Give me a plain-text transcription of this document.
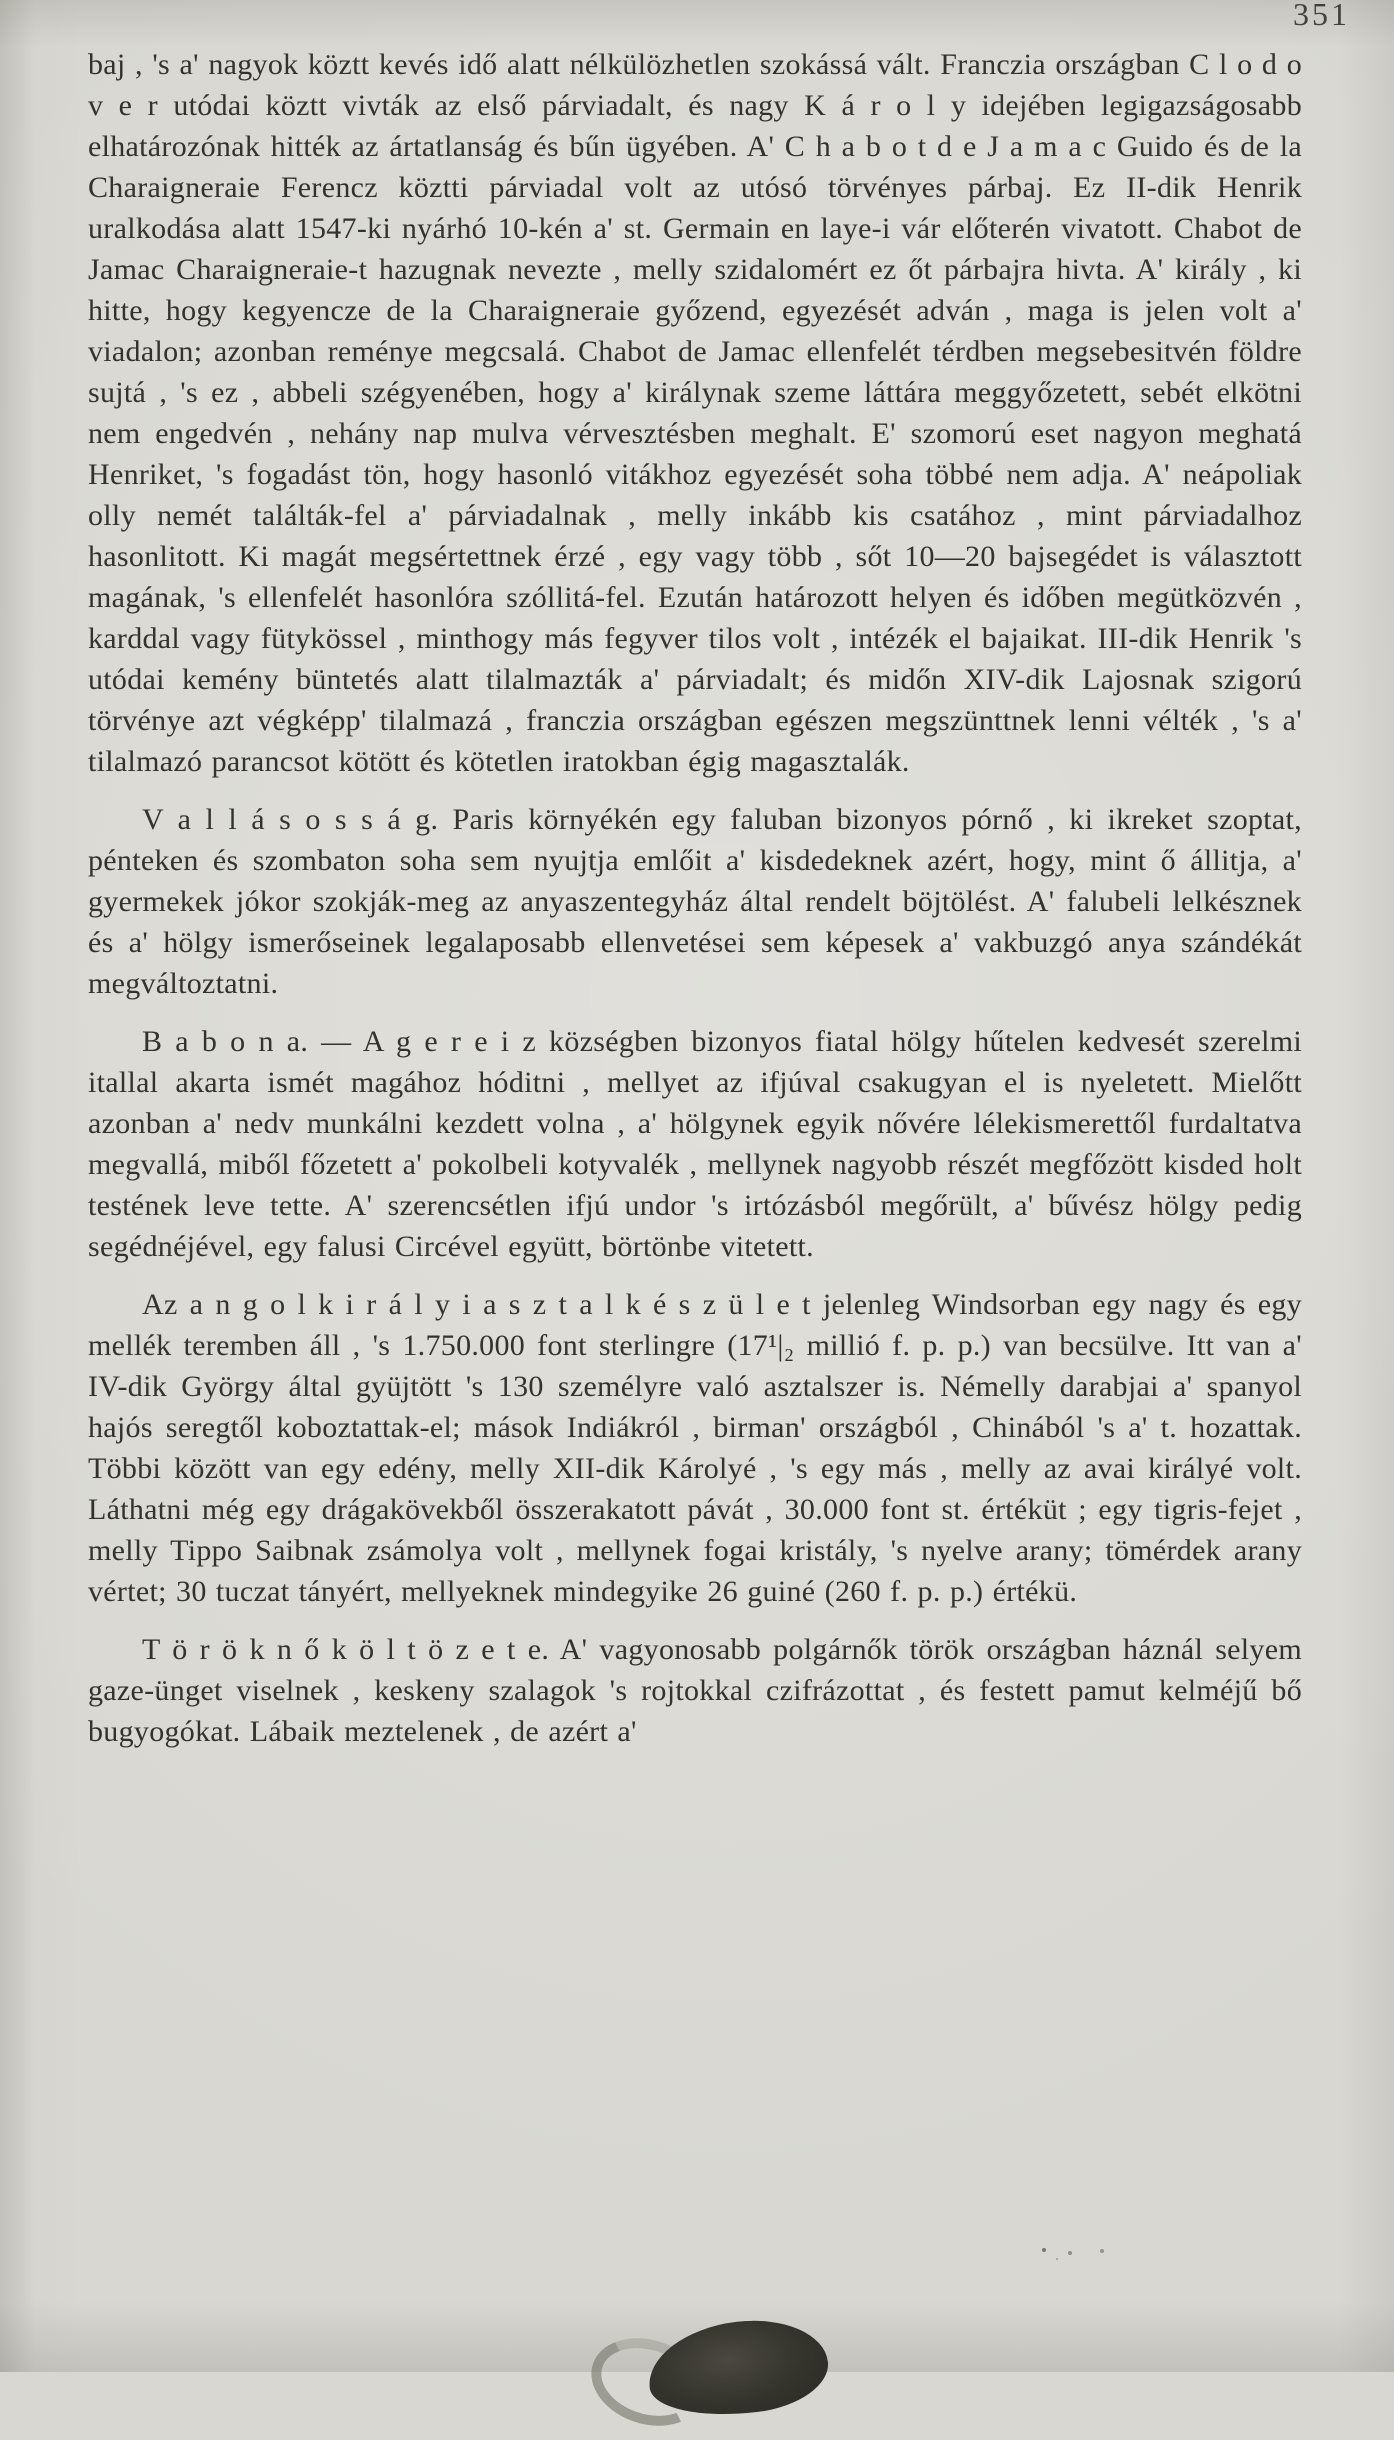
351

baj , 's a' nagyok köztt kevés idő alatt nélkülözhetlen szokássá vált. Franczia országban C l o d o v e r utódai köztt vivták az első párviadalt, és nagy K á r o l y idejében legigazságosabb elhatározónak hitték az ártatlanság és bűn ügyében. A' C h a b o t d e J a m a c Guido és de la Charaigneraie Ferencz köztti párviadal volt az utósó törvényes párbaj. Ez II-dik Henrik uralkodása alatt 1547-ki nyárhó 10-kén a' st. Germain en laye-i vár előterén vivatott. Chabot de Jamac Charaigneraie-t hazugnak nevezte , melly szidalomért ez őt párbajra hivta. A' király , ki hitte, hogy kegyencze de la Charaigneraie győzend, egyezését adván , maga is jelen volt a' viadalon; azonban reménye megcsalá. Chabot de Jamac ellenfelét térdben megsebesitvén földre sujtá , 's ez , abbeli szégyenében, hogy a' királynak szeme láttára meggyőzetett, sebét elkötni nem engedvén , nehány nap mulva vérvesztésben meghalt. E' szomorú eset nagyon meghatá Henriket, 's fogadást tön, hogy hasonló vitákhoz egyezését soha többé nem adja. A' neápoliak olly nemét találták-fel a' párviadalnak , melly inkább kis csatához , mint párviadalhoz hasonlitott. Ki magát megsértettnek érzé , egy vagy több , sőt 10—20 bajsegédet is választott magának, 's ellenfelét hasonlóra szóllitá-fel. Ezután határozott helyen és időben megütközvén , karddal vagy fütykössel , minthogy más fegyver tilos volt , intézék el bajaikat. III-dik Henrik 's utódai kemény büntetés alatt tilalmazták a' párviadalt; és midőn XIV-dik Lajosnak szigorú törvénye azt végképp' tilalmazá , franczia országban egészen megszünttnek lenni vélték , 's a' tilalmazó parancsot kötött és kötetlen iratokban égig magasztalák.

V a l l á s o s s á g. Paris környékén egy faluban bizonyos pórnő , ki ikreket szoptat, pénteken és szombaton soha sem nyujtja emlőit a' kisdedeknek azért, hogy, mint ő állitja, a' gyermekek jókor szokják-meg az anyaszentegyház által rendelt böjtölést. A' falubeli lelkésznek és a' hölgy ismerőseinek legalaposabb ellenvetései sem képesek a' vakbuzgó anya szándékát megváltoztatni.

B a b o n a. — A g e r e i z községben bizonyos fiatal hölgy hűtelen kedvesét szerelmi itallal akarta ismét magához hóditni , mellyet az ifjúval csakugyan el is nyeletett. Mielőtt azonban a' nedv munkálni kezdett volna , a' hölgynek egyik nővére lélekismerettől furdaltatva megvallá, miből főzetett a' pokolbeli kotyvalék , mellynek nagyobb részét megfőzött kisded holt testének leve tette. A' szerencsétlen ifjú undor 's irtózásból megőrült, a' bűvész hölgy pedig segédnéjével, egy falusi Circével együtt, börtönbe vitetett.

Az a n g o l k i r á l y i a s z t a l k é s z ü l e t jelenleg Windsorban egy nagy és egy mellék teremben áll , 's 1.750.000 font sterlingre (17¹|₂ millió f. p. p.) van becsülve. Itt van a' IV-dik György által gyüjtött 's 130 személyre való asztalszer is. Némelly darabjai a' spanyol hajós seregtől koboztattak-el; mások Indiákról , birman' országból , Chinából 's a' t. hozattak. Többi között van egy edény, melly XII-dik Károlyé , 's egy más , melly az avai királyé volt. Láthatni még egy drágakövekből összerakatott pávát , 30.000 font st. értéküt ; egy tigris-fejet , melly Tippo Saibnak zsámolya volt , mellynek fogai kristály, 's nyelve arany; tömérdek arany vértet; 30 tuczat tányért, mellyeknek mindegyike 26 guiné (260 f. p. p.) értékü.

T ö r ö k n ő k ö l t ö z e t e. A' vagyonosabb polgárnők török országban háznál selyem gaze-ünget viselnek , keskeny szalagok 's rojtokkal czifrázottat , és festett pamut kelméjű bő bugyogókat. Lábaik meztelenek , de azért a'
